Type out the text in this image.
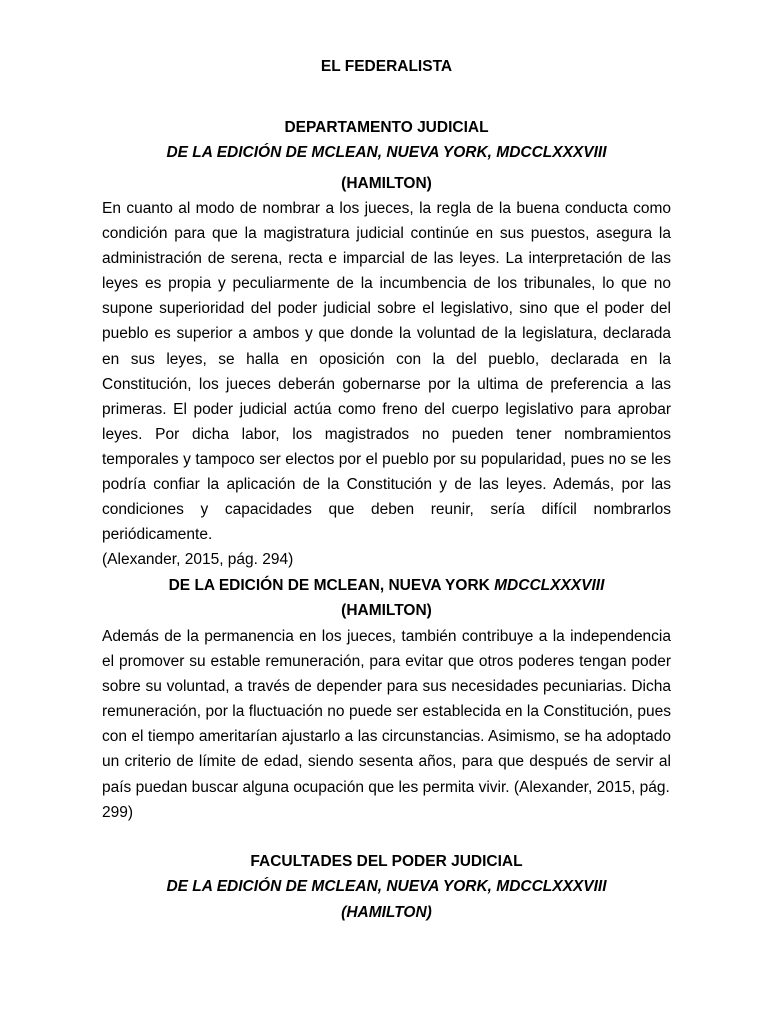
EL FEDERALISTA
DEPARTAMENTO JUDICIAL
DE LA EDICIÓN DE MCLEAN, NUEVA YORK, MDCCLXXXVIII
(HAMILTON)

En cuanto al modo de nombrar a los jueces, la regla de la buena conducta como condición para que la magistratura judicial continúe en sus puestos, asegura la administración de serena, recta e imparcial de las leyes. La interpretación de las leyes es propia y peculiarmente de la incumbencia de los tribunales, lo que no supone superioridad del poder judicial sobre el legislativo, sino que el poder del pueblo es superior a ambos y que donde la voluntad de la legislatura, declarada en sus leyes, se halla en oposición con la del pueblo, declarada en la Constitución, los jueces deberán gobernarse por la ultima de preferencia a las primeras. El poder judicial actúa como freno del cuerpo legislativo para aprobar leyes. Por dicha labor, los magistrados no pueden tener nombramientos temporales y tampoco ser electos por el pueblo por su popularidad, pues no se les podría confiar la aplicación de la Constitución y de las leyes. Además, por las condiciones y capacidades que deben reunir, sería difícil nombrarlos periódicamente.

(Alexander, 2015, pág. 294)
DE LA EDICIÓN DE MCLEAN, NUEVA YORK MDCCLXXXVIII
(HAMILTON)

Además de la permanencia en los jueces, también contribuye a la independencia el promover su estable remuneración, para evitar que otros poderes tengan poder sobre su voluntad, a través de depender para sus necesidades pecuniarias. Dicha remuneración, por la fluctuación no puede ser establecida en la Constitución, pues con el tiempo ameritarían ajustarlo a las circunstancias. Asimismo, se ha adoptado un criterio de límite de edad, siendo sesenta años, para que después de servir al país puedan buscar alguna ocupación que les permita vivir. (Alexander, 2015, pág.

299)
FACULTADES DEL PODER JUDICIAL
DE LA EDICIÓN DE MCLEAN, NUEVA YORK, MDCCLXXXVIII
(HAMILTON)
